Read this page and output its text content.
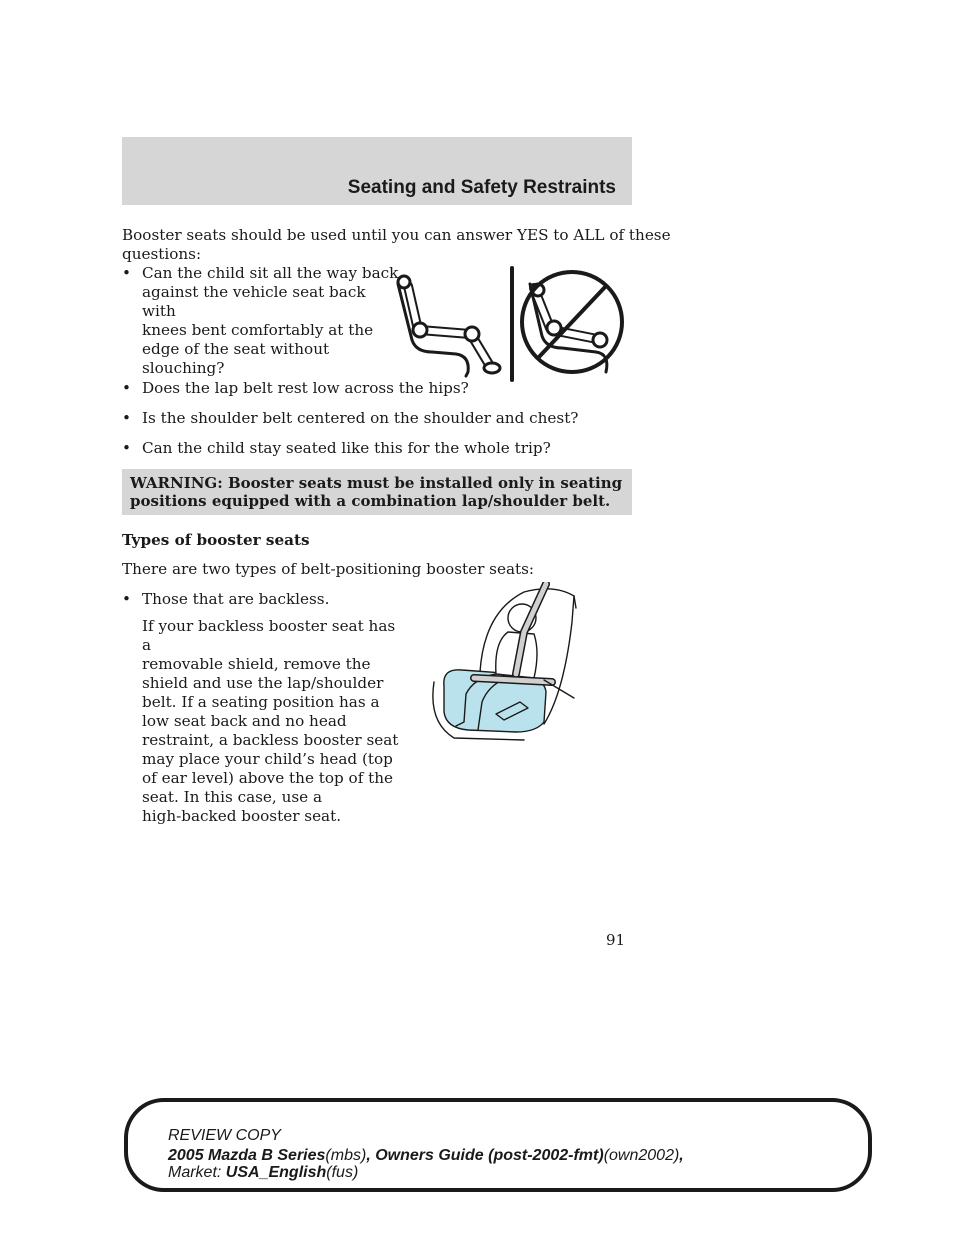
Seating and Safety Restraints
Booster seats should be used until you can answer YES to ALL of these
questions:
• Can the child sit all the way back
against the vehicle seat back with
knees bent comfortably at the
edge of the seat without
slouching?
• Does the lap belt rest low across the hips?
• Is the shoulder belt centered on the shoulder and chest?
• Can the child stay seated like this for the whole trip?
WARNING: Booster seats must be installed only in seating positions equipped with a combination lap/shoulder belt.
Types of booster seats
There are two types of belt-positioning booster seats:
• Those that are backless.
If your backless booster seat has a
removable shield, remove the
shield and use the lap/shoulder
belt. If a seating position has a
low seat back and no head
restraint, a backless booster seat
may place your child’s head (top
of ear level) above the top of the
seat. In this case, use a
high-backed booster seat.
91
REVIEW COPY
2005 Mazda B Series(mbs), Owners Guide (post-2002-fmt)(own2002),
Market: USA_English(fus)
